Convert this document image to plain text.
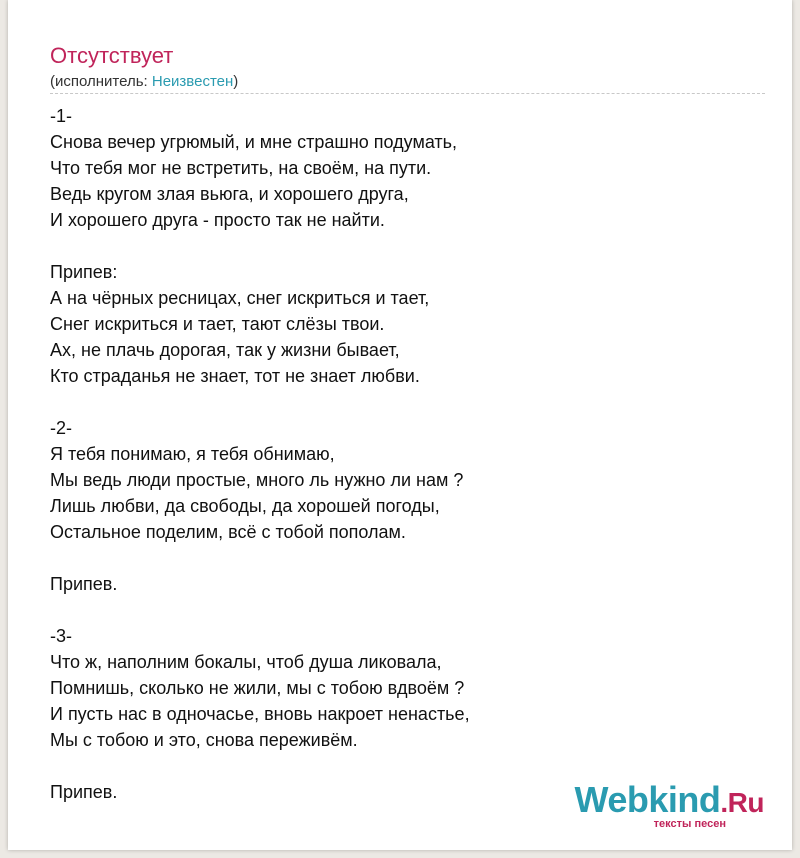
Отсутствует
(исполнитель: Неизвестен)
-1-
Снова вечер угрюмый, и мне страшно подумать,
Что тебя мог не встретить, на своём, на пути.
Ведь кругом злая вьюга, и хорошего друга,
И хорошего друга - просто так не найти.
Припев:
А на чёрных ресницах, снег искриться и тает,
Снег искриться и тает, тают слёзы твои.
Ах, не плачь дорогая, так у жизни бывает,
Кто страданья не знает, тот не знает любви.
-2-
Я тебя понимаю, я тебя обнимаю,
Мы ведь люди простые, много ль нужно ли нам ?
Лишь любви, да свободы, да хорошей погоды,
Остальное поделим, всё с тобой пополам.
Припев.
-3-
Что ж, наполним бокалы, чтоб душа ликовала,
Помнишь, сколько не жили, мы с тобою вдвоём ?
И пусть нас в одночасье, вновь накроет ненастье,
Мы с тобою и это, снова переживём.
Припев.	Webkind.Ru
тексты песен
